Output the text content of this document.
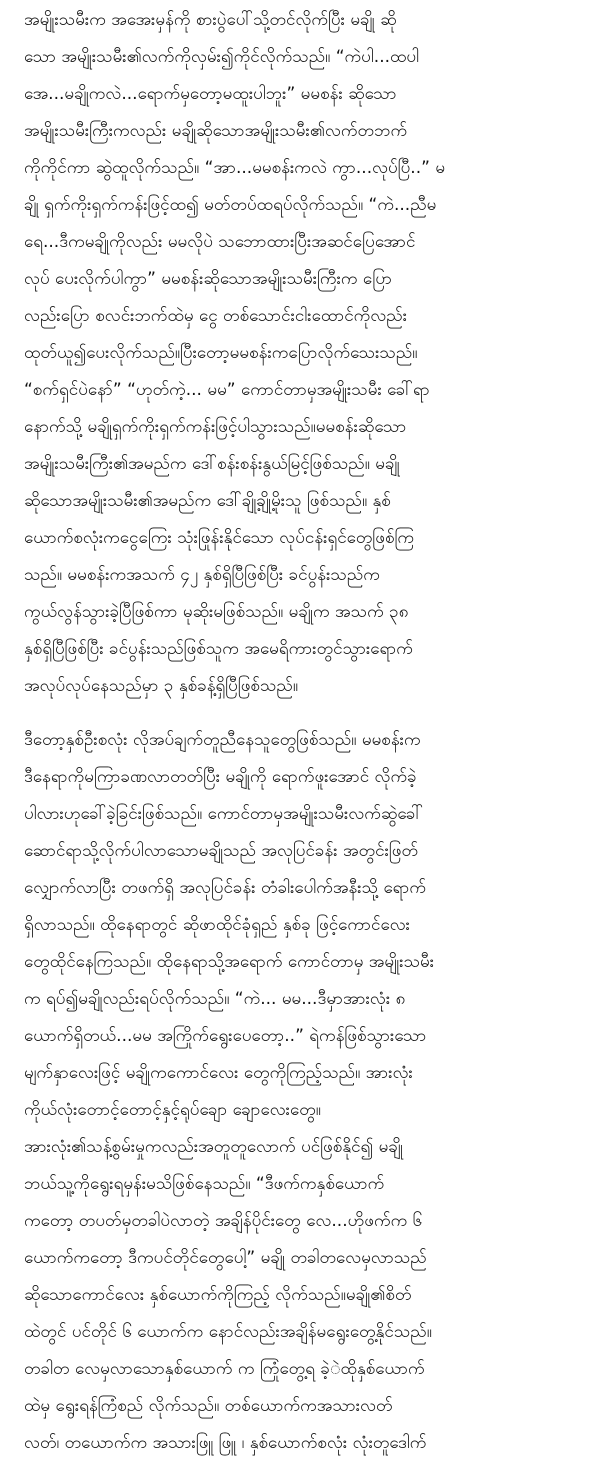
အမျိုးသမီးက အအေးမှန်ကို စားပွဲပေါ်သို့တင်လိုက်ပြီး မချို ဆို
သော အမျိုးသမီး၏လက်ကိုလှမ်း၍ကိုင်လိုက်သည်။ “ကဲပါ...ထပါ
အေ...မချိုကလဲ...ရောက်မှတော့မထူးပါဘူး” မမစန်း ဆိုသော
အမျိုးသမီးကြီးကလည်း မချိုဆိုသောအမျိုးသမီး၏လက်တဘက်
ကိုကိုင်ကာ ဆွဲထူလိုက်သည်။ “အာ...မမစန်းကလဲ ကွာ...လုပ်ပြီ..” မ
ချို ရှက်ကိုးရှက်ကန်းဖြင့်ထ၍ မတ်တပ်ထရပ်လိုက်သည်။ “ကဲ...ညီမ
ရေ...ဒီကမချိုကိုလည်း မမလိုပဲ သဘောထားပြီးအဆင်ပြေအောင်
လုပ် ပေးလိုက်ပါကွာ” မမစန်းဆိုသောအမျိုးသမီးကြီးက ပြော
လည်းပြော စလင်းဘက်ထဲမှ ငွေ တစ်သောင်းငါးထောင်ကိုလည်း
ထုတ်ယူ၍ပေးလိုက်သည်။ပြီးတော့မမစန်းကပြောလိုက်သေးသည်။
“စက်ရှင်ပဲနော်” “ဟုတ်ကဲ့... မမ” ကောင်တာမှအမျိုးသမီး ခေါ်ရာ
နောက်သို့ မချိုရှက်ကိုးရှက်ကန်းဖြင့်ပါသွားသည်။မမစန်းဆိုသော
အမျိုးသမီးကြီး၏အမည်က ဒေါ်စန်းစန်းနွယ်မြင့်ဖြစ်သည်။ မချို
ဆိုသောအမျိုးသမီး၏အမည်က ဒေါ်ချို့ချို့မိုးသူ ဖြစ်သည်။ နှစ်
ယောက်စလုံးကငွေကြေး သုံးဖြုန်းနိုင်သော လုပ်ငန်းရှင်တွေဖြစ်ကြ
သည်။ မမစန်းကအသက် ၄၂ နှစ်ရှိပြီဖြစ်ပြီး ခင်ပွန်းသည်က
ကွယ်လွန်သွားခဲ့ပြီဖြစ်ကာ မုဆိုးမဖြစ်သည်။ မချိုက အသက် ၃၈
နှစ်ရှိပြီဖြစ်ပြီး ခင်ပွန်းသည်ဖြစ်သူက အမေရိကားတွင်သွားရောက်
အလုပ်လုပ်နေသည်မှာ ၃ နှစ်ခန့်ရှိပြီဖြစ်သည်။

ဒီတော့နှစ်ဦးစလုံး လိုအပ်ချက်တူညီနေသူတွေဖြစ်သည်။ မမစန်းက
ဒီနေရာကိုမကြာခဏလာတတ်ပြီး မချိုကို ရောက်ဖူးအောင် လိုက်ခဲ့
ပါလားဟုခေါ်ခဲ့ခြင်းဖြစ်သည်။ ကောင်တာမှအမျိုးသမီးလက်ဆွဲခေါ်
ဆောင်ရာသို့လိုက်ပါလာသောမချိုသည် အလုပြင်ခန်း အတွင်းဖြတ်
လျှောက်လာပြီး တဖက်ရှိ အလုပြင်ခန်း တံခါးပေါက်အနီးသို့ ရောက်
ရှိလာသည်။ ထိုနေရာတွင် ဆိုဖာထိုင်ခုံရှည် နှစ်ခု ဖြင့်ကောင်လေး
တွေထိုင်နေကြသည်။ ထိုနေရာသို့အရောက် ကောင်တာမှ အမျိုးသမီး
က ရပ်၍မချိုလည်းရပ်လိုက်သည်။ “ကဲ... မမ...ဒီမှာအားလုံး ၈
ယောက်ရှိတယ်...မမ အကြိုက်ရွေးပေတော့..” ရဲကန်ဖြစ်သွားသော
မျက်နှာလေးဖြင့် မချိုကကောင်လေး တွေကိုကြည့်သည်။ အားလုံး
ကိုယ်လုံးတောင့်တောင့်နှင့်ရုပ်ချော ချောလေးတွေ။
အားလုံး၏သန့်စွမ်းမှုကလည်းအတူတူလောက် ပင်ဖြစ်နိုင်၍ မချို
ဘယ်သူ့ကိုရွေးရမှန်းမသိဖြစ်နေသည်။ “ဒီဖက်ကနှစ်ယောက်
ကတော့ တပတ်မှတခါပဲလာတဲ့ အချိန်ပိုင်းတွေ လေ...ဟိုဖက်က ၆
ယောက်ကတော့ ဒီကပင်တိုင်တွေပေါ့” မချို တခါတလေမှလာသည်
ဆိုသောကောင်လေး နှစ်ယောက်ကိုကြည့် လိုက်သည်။မချို၏စိတ်
ထဲတွင် ပင်တိုင် ၆ ယောက်က နောင်လည်းအချိန်မရွေးတွေ့နိုင်သည်။
တခါတ လေမှလာသောနှစ်ယောက် က ကြုံတွေ့ရ ခဲ့ဲထိုနှစ်ယောက်
ထဲမှ ရွေးရန်ကြံစည် လိုက်သည်။ တစ်ယောက်ကအသားလတ်
လတ်၊ တယောက်က အသားဖြူ ဖြူ ၊ နှစ်ယောက်စလုံး လုံးတူဒေါက်
